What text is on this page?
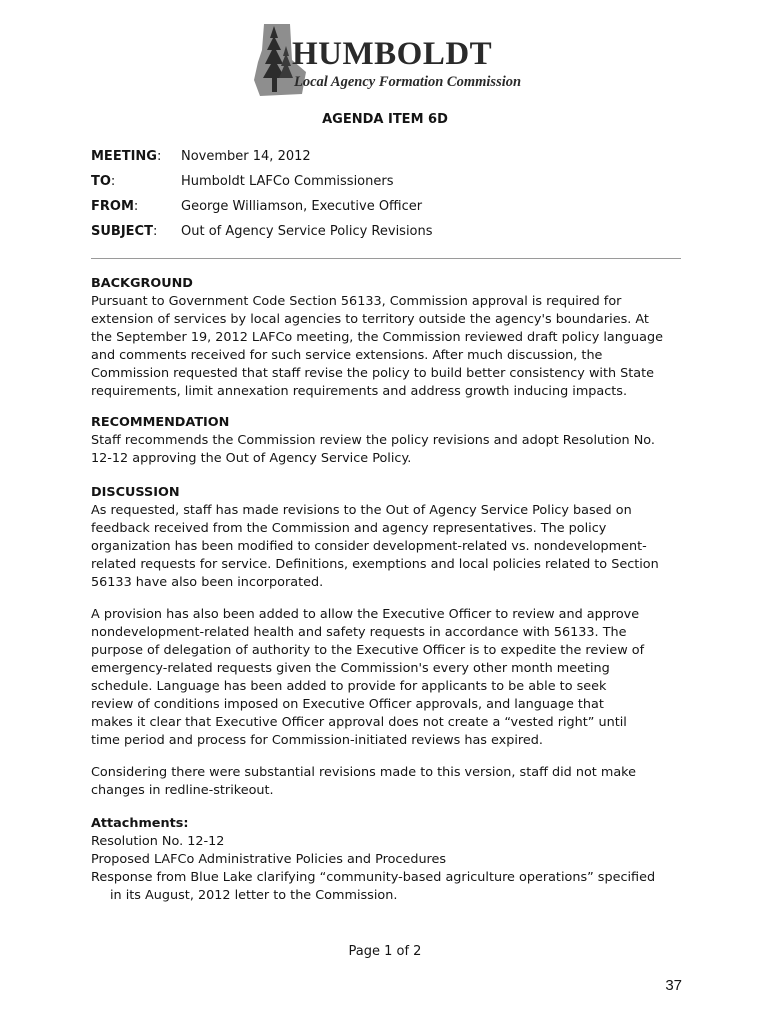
HUMBOLDT
Local Agency Formation Commission
AGENDA ITEM 6D
MEETING: November 14, 2012
TO:	Humboldt LAFCo Commissioners
FROM:	George Williamson, Executive Officer
SUBJECT: Out of Agency Service Policy Revisions
BACKGROUND

Pursuant to Government Code Section 56133, Commission approval is required for
extension of services by local agencies to territory outside the agency's boundaries. At
the September 19, 2012 LAFCo meeting, the Commission reviewed draft policy language
and comments received for such service extensions. After much discussion, the
Commission requested that staff revise the policy to build better consistency with State
requirements, limit annexation requirements and address growth inducing impacts.

RECOMMENDATION

Staff recommends the Commission review the policy revisions and adopt Resolution No.
12-12 approving the Out of Agency Service Policy.

DISCUSSION

As requested, staff has made revisions to the Out of Agency Service Policy based on
feedback received from the Commission and agency representatives. The policy
organization has been modified to consider development-related vs. nondevelopment-
related requests for service. Definitions, exemptions and local policies related to Section
56133 have also been incorporated.

A provision has also been added to allow the Executive Officer to review and approve
nondevelopment-related health and safety requests in accordance with 56133. The
purpose of delegation of authority to the Executive Officer is to expedite the review of
emergency-related requests given the Commission's every other month meeting
schedule. Language has been added to provide for applicants to be able to seek
review of conditions imposed on Executive Officer approvals, and language that
makes it clear that Executive Officer approval does not create a “vested right” until
time period and process for Commission-initiated reviews has expired.

Considering there were substantial revisions made to this version, staff did not make
changes in redline-strikeout.

Attachments:

Resolution No. 12-12
Proposed LAFCo Administrative Policies and Procedures
Response from Blue Lake clarifying “community-based agriculture operations” specified
in its August, 2012 letter to the Commission.

Page 1 of 2
37
